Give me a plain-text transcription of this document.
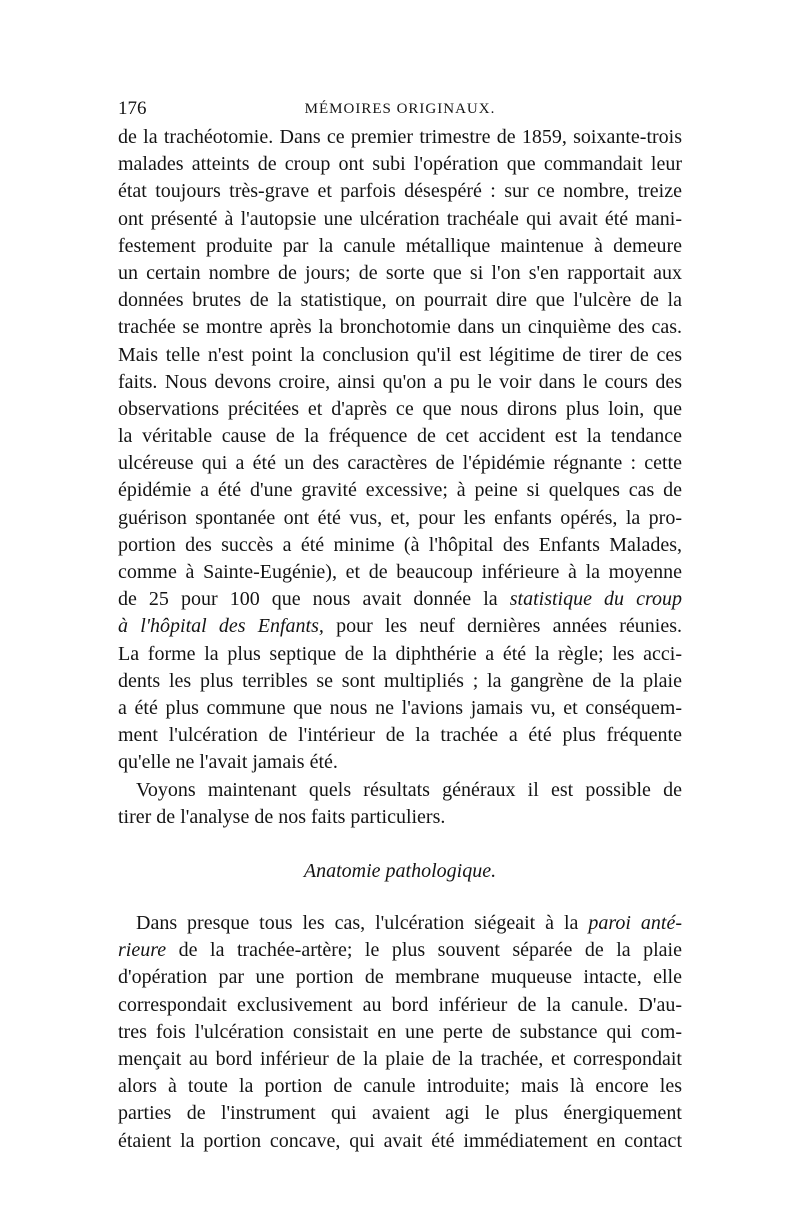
176	MÉMOIRES ORIGINAUX.
de la trachéotomie. Dans ce premier trimestre de 1859, soixante-trois
malades atteints de croup ont subi l'opération que commandait leur
état toujours très-grave et parfois désespéré : sur ce nombre, treize
ont présenté à l'autopsie une ulcération trachéale qui avait été mani-
festement produite par la canule métallique maintenue à demeure
un certain nombre de jours; de sorte que si l'on s'en rapportait aux
données brutes de la statistique, on pourrait dire que l'ulcère de la
trachée se montre après la bronchotomie dans un cinquième des cas.
Mais telle n'est point la conclusion qu'il est légitime de tirer de ces
faits. Nous devons croire, ainsi qu'on a pu le voir dans le cours des
observations précitées et d'après ce que nous dirons plus loin, que
la véritable cause de la fréquence de cet accident est la tendance
ulcéreuse qui a été un des caractères de l'épidémie régnante : cette
épidémie a été d'une gravité excessive; à peine si quelques cas de
guérison spontanée ont été vus, et, pour les enfants opérés, la pro-
portion des succès a été minime (à l'hôpital des Enfants Malades,
comme à Sainte-Eugénie), et de beaucoup inférieure à la moyenne
de 25 pour 100 que nous avait donnée la statistique du croup
à l'hôpital des Enfants, pour les neuf dernières années réunies.
La forme la plus septique de la diphthérie a été la règle; les acci-
dents les plus terribles se sont multipliés ; la gangrène de la plaie
a été plus commune que nous ne l'avions jamais vu, et conséquem-
ment l'ulcération de l'intérieur de la trachée a été plus fréquente
qu'elle ne l'avait jamais été.
Voyons maintenant quels résultats généraux il est possible de
tirer de l'analyse de nos faits particuliers.
Anatomie pathologique.
Dans presque tous les cas, l'ulcération siégeait à la paroi anté-
rieure de la trachée-artère; le plus souvent séparée de la plaie
d'opération par une portion de membrane muqueuse intacte, elle
correspondait exclusivement au bord inférieur de la canule. D'au-
tres fois l'ulcération consistait en une perte de substance qui com-
mençait au bord inférieur de la plaie de la trachée, et correspondait
alors à toute la portion de canule introduite; mais là encore les
parties de l'instrument qui avaient agi le plus énergiquement
étaient la portion concave, qui avait été immédiatement en contact
